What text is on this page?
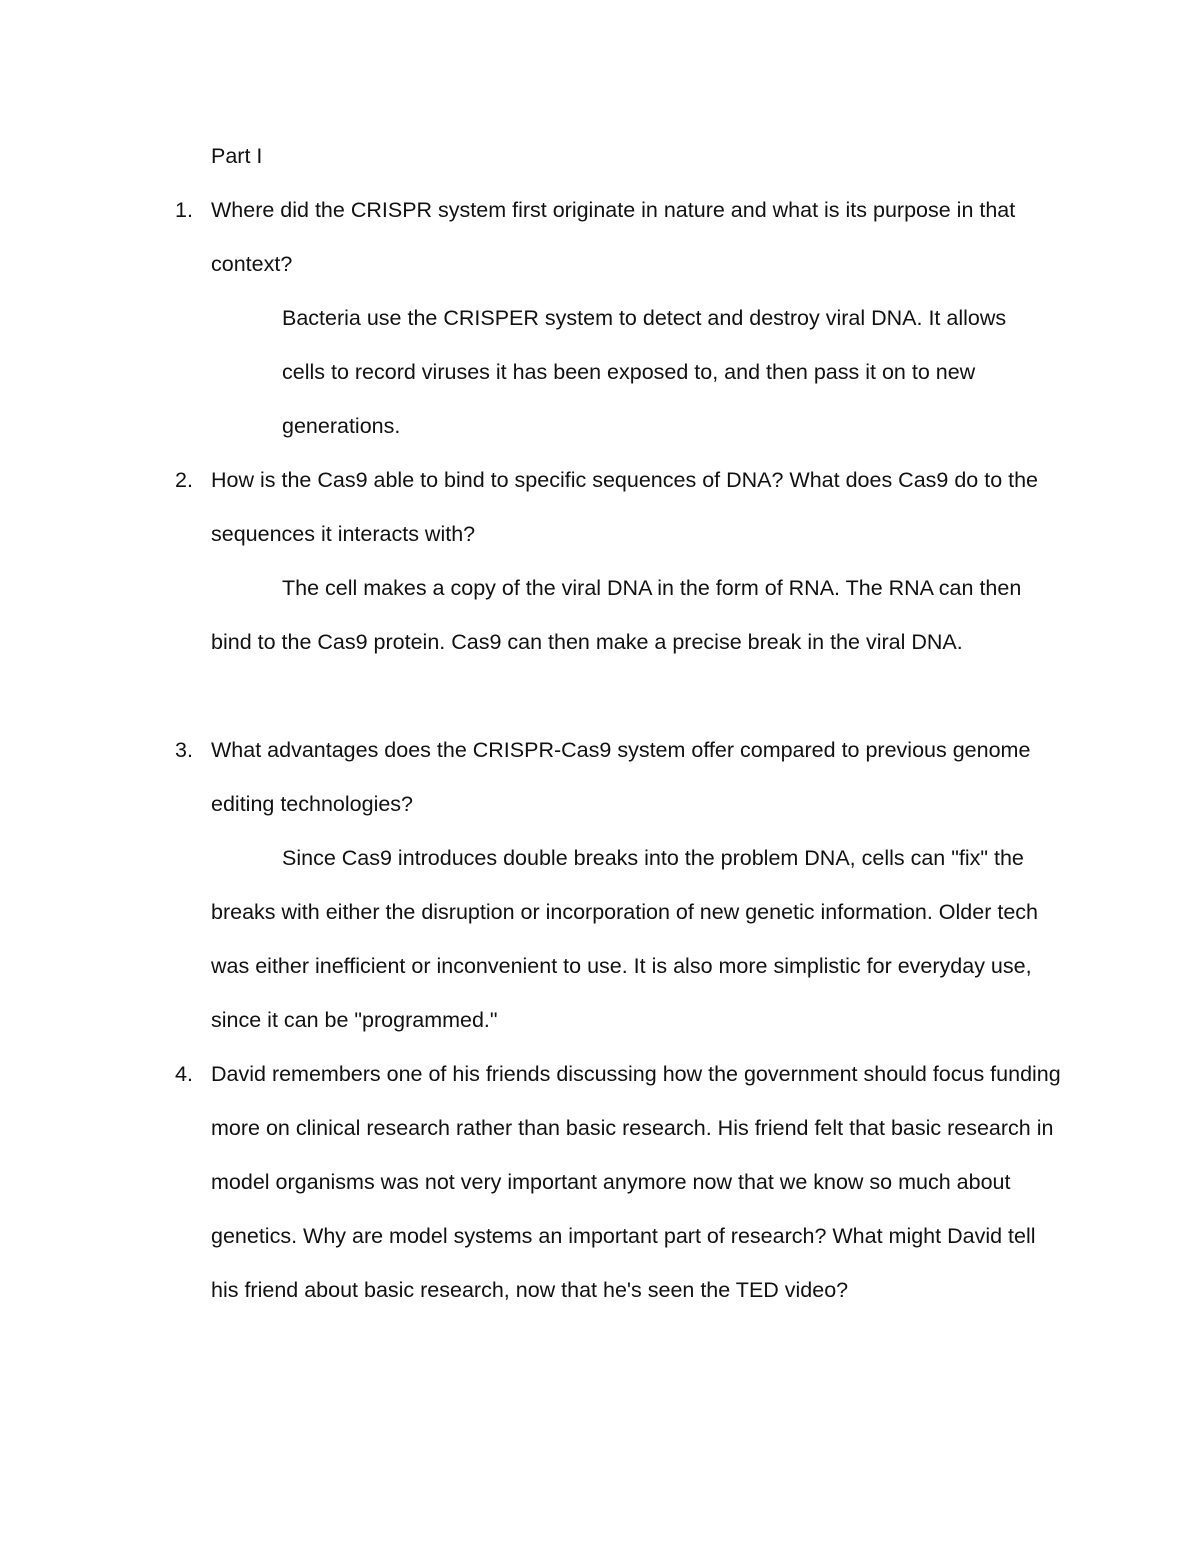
Part I
1. Where did the CRISPR system first originate in nature and what is its purpose in that context?

Bacteria use the CRISPER system to detect and destroy viral DNA. It allows cells to record viruses it has been exposed to, and then pass it on to new generations.

2. How is the Cas9 able to bind to specific sequences of DNA? What does Cas9 do to the sequences it interacts with?

The cell makes a copy of the viral DNA in the form of RNA. The RNA can then bind to the Cas9 protein. Cas9 can then make a precise break in the viral DNA.

3. What advantages does the CRISPR-Cas9 system offer compared to previous genome editing technologies?

Since Cas9 introduces double breaks into the problem DNA, cells can "fix" the breaks with either the disruption or incorporation of new genetic information. Older tech was either inefficient or inconvenient to use. It is also more simplistic for everyday use, since it can be "programmed."

4. David remembers one of his friends discussing how the government should focus funding more on clinical research rather than basic research. His friend felt that basic research in model organisms was not very important anymore now that we know so much about genetics. Why are model systems an important part of research? What might David tell his friend about basic research, now that he's seen the TED video?
